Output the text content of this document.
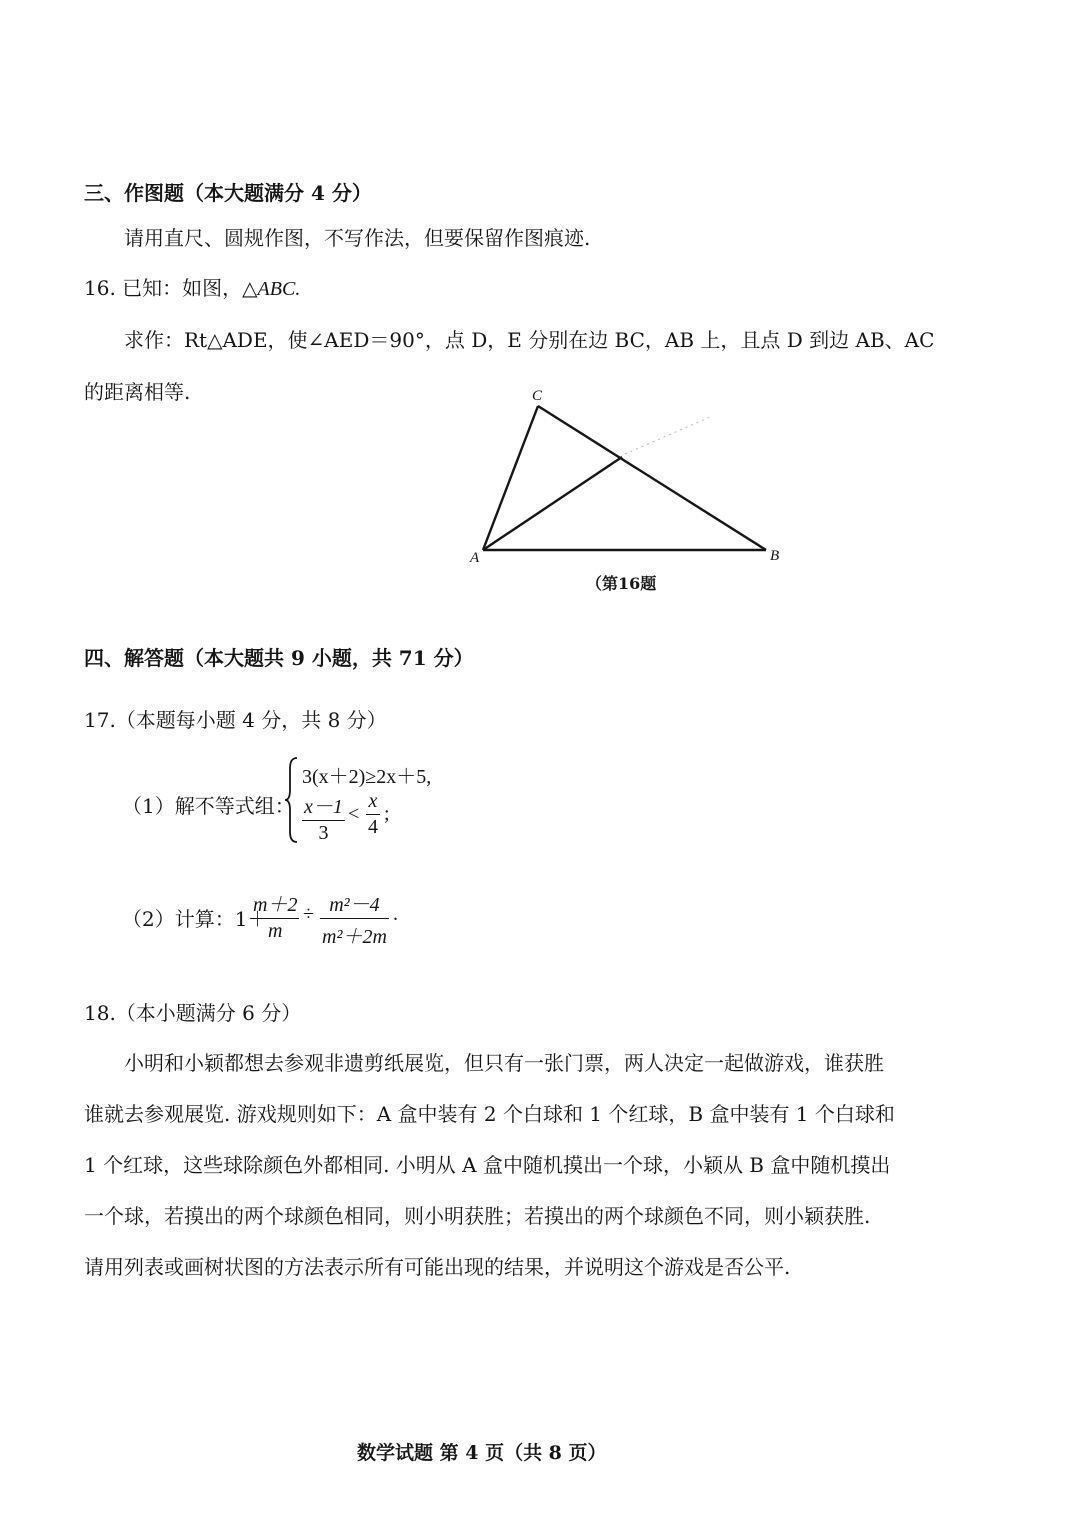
三、作图题（本大题满分 4 分）
请用直尺、圆规作图，不写作法，但要保留作图痕迹.
16. 已知：如图，△ABC.
求作：Rt△ADE，使∠AED＝90°，点 D，E 分别在边 BC，AB 上，且点 D 到边 AB、AC
的距离相等.
A	B
C
（第16题
四、解答题（本大题共 9 小题，共 71 分）
17.（本题每小题 4 分，共 8 分）
（1）解不等式组：
3(x＋2)≥2x＋5,
x－1
3
<
x
4
;
（2）计算：1＋
m＋2
m
÷ m²－4
m²＋2m
.
18.（本小题满分 6 分）
小明和小颖都想去参观非遗剪纸展览，但只有一张门票，两人决定一起做游戏，谁获胜
谁就去参观展览. 游戏规则如下：A 盒中装有 2 个白球和 1 个红球，B 盒中装有 1 个白球和
1 个红球，这些球除颜色外都相同. 小明从 A 盒中随机摸出一个球，小颖从 B 盒中随机摸出
一个球，若摸出的两个球颜色相同，则小明获胜；若摸出的两个球颜色不同，则小颖获胜.
请用列表或画树状图的方法表示所有可能出现的结果，并说明这个游戏是否公平.
数学试题 第 4 页（共 8 页）
